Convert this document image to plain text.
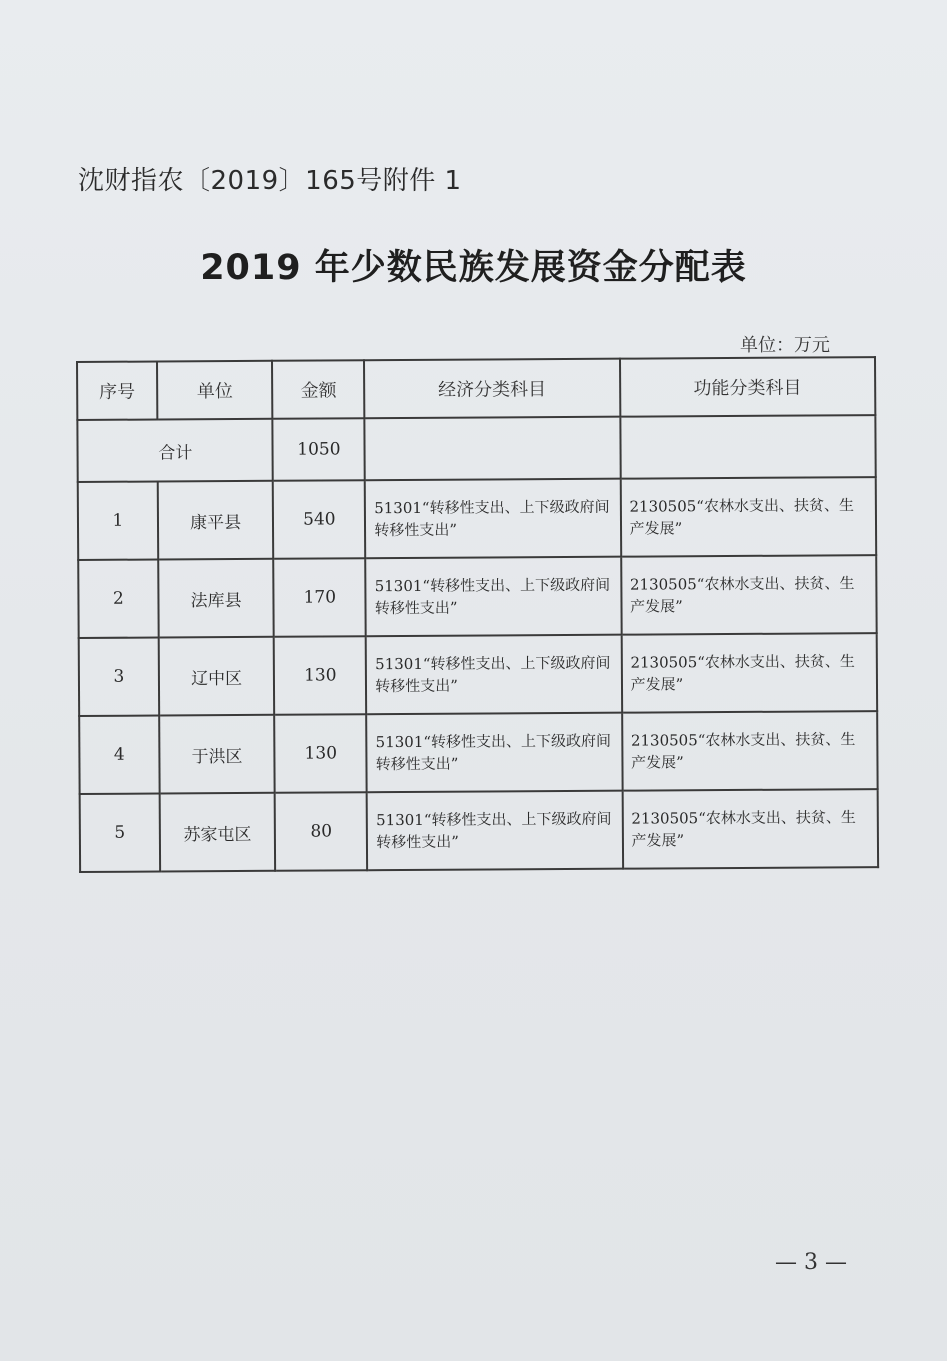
沈财指农〔2019〕165号附件 1
2019 年少数民族发展资金分配表
单位：万元
序号	单位	金额	经济分类科目	功能分类科目
合计		1050		
1	康平县	540	51301“转移性支出、上下级政府间转移性支出”	2130505“农林水支出、扶贫、生产发展”
2	法库县	170	51301“转移性支出、上下级政府间转移性支出”	2130505“农林水支出、扶贫、生产发展”
3	辽中区	130	51301“转移性支出、上下级政府间转移性支出”	2130505“农林水支出、扶贫、生产发展”
4	于洪区	130	51301“转移性支出、上下级政府间转移性支出”	2130505“农林水支出、扶贫、生产发展”
5	苏家屯区	80	51301“转移性支出、上下级政府间转移性支出”	2130505“农林水支出、扶贫、生产发展”
— 3 —
